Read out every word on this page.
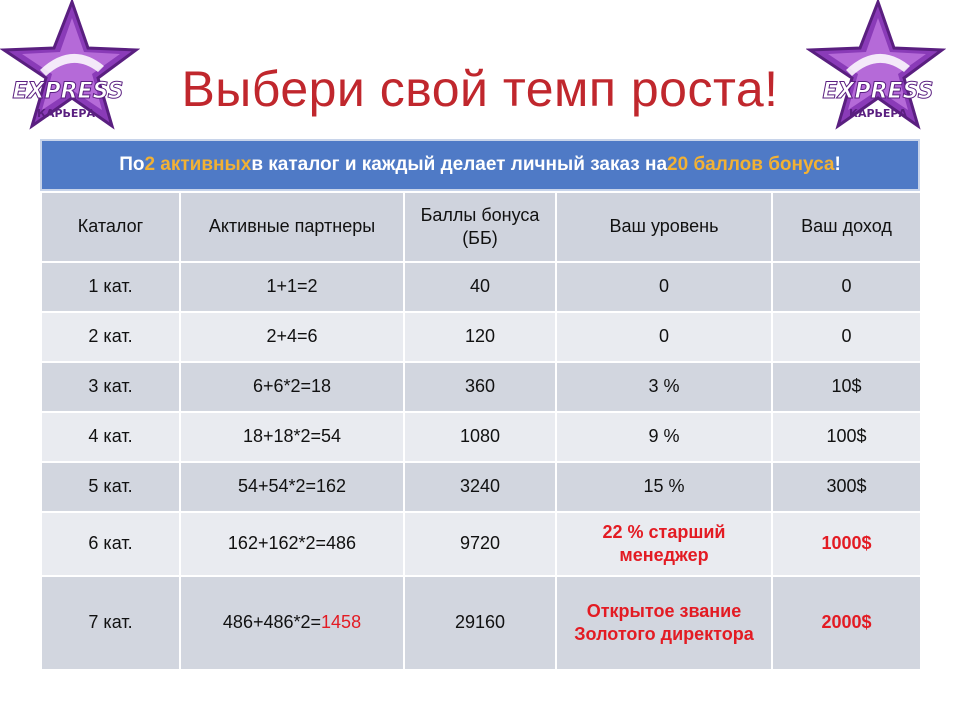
EXPRESS
КАРЬЕРА
EXPRESS
КАРЬЕРА
Выбери свой темп роста!
По 2 активных в каталог и каждый делает личный заказ на 20 баллов бонуса !
Каталог	Активные партнеры	Баллы бонуса (ББ)	Ваш уровень	Ваш доход
1 кат.	1+1=2	40	0	0
2 кат.	2+4=6	120	0	0
3 кат.	6+6*2=18	360	3 %	10$
4 кат.	18+18*2=54	1080	9 %	100$
5 кат.	54+54*2=162	3240	15 %	300$
6 кат.	162+162*2=486	9720	22 % старший менеджер	1000$
7 кат.	486+486*2=1458	29160	Открытое звание Золотого директора	2000$
